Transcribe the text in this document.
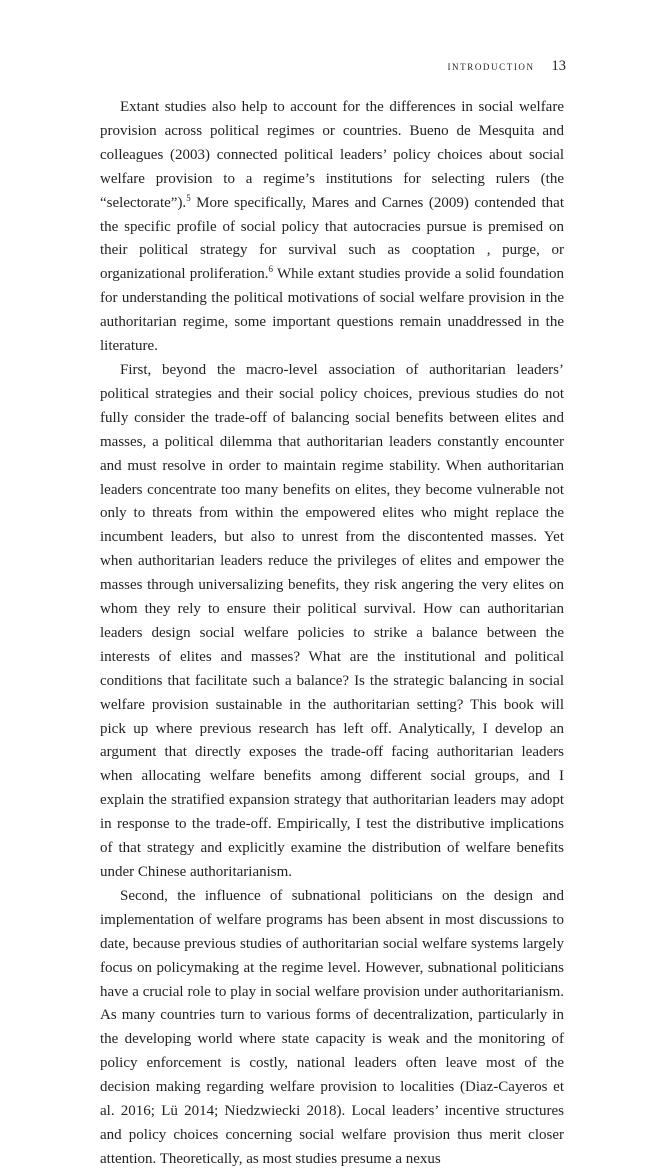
introduction 13

Extant studies also help to account for the differences in social welfare provision across political regimes or countries. Bueno de Mesquita and colleagues (2003) connected political leaders’ policy choices about social welfare provision to a regime’s institutions for selecting rulers (the “selectorate”).$^5$ More specifically, Mares and Carnes (2009) contended that the specific profile of social policy that autocracies pursue is premised on their political strategy for survival such as cooptation , purge, or organizational proliferation.$^6$ While extant studies provide a solid foundation for understanding the political motivations of social welfare provision in the authoritarian regime, some important questions remain unaddressed in the literature.

First, beyond the macro-level association of authoritarian leaders’ political strategies and their social policy choices, previous studies do not fully consider the trade-off of balancing social benefits between elites and masses, a political dilemma that authoritarian leaders constantly encounter and must resolve in order to maintain regime stability. When authoritarian leaders concentrate too many benefits on elites, they become vulnerable not only to threats from within the empowered elites who might replace the incumbent leaders, but also to unrest from the discontented masses. Yet when authoritarian leaders reduce the privileges of elites and empower the masses through universalizing benefits, they risk angering the very elites on whom they rely to ensure their political survival. How can authoritarian leaders design social welfare policies to strike a balance between the interests of elites and masses? What are the institutional and political conditions that facilitate such a balance? Is the strategic balancing in social welfare provision sustainable in the authoritarian setting? This book will pick up where previous research has left off. Analytically, I develop an argument that directly exposes the trade-off facing authoritarian leaders when allocating welfare benefits among different social groups, and I explain the stratified expansion strategy that authoritarian leaders may adopt in response to the trade-off. Empirically, I test the distributive implications of that strategy and explicitly examine the distribution of welfare benefits under Chinese authoritarianism.

Second, the influence of subnational politicians on the design and implementation of welfare programs has been absent in most discussions to date, because previous studies of authoritarian social welfare systems largely focus on policymaking at the regime level. However, subnational politicians have a crucial role to play in social welfare provision under authoritarianism. As many countries turn to various forms of decentralization, particularly in the developing world where state capacity is weak and the monitoring of policy enforcement is costly, national leaders often leave most of the decision making regarding welfare provision to localities (Diaz-Cayeros et al. 2016; Lü 2014; Niedzwiecki 2018). Local leaders’ incentive structures and policy choices concerning social welfare provision thus merit closer attention. Theoretically, as most studies presume a nexus
